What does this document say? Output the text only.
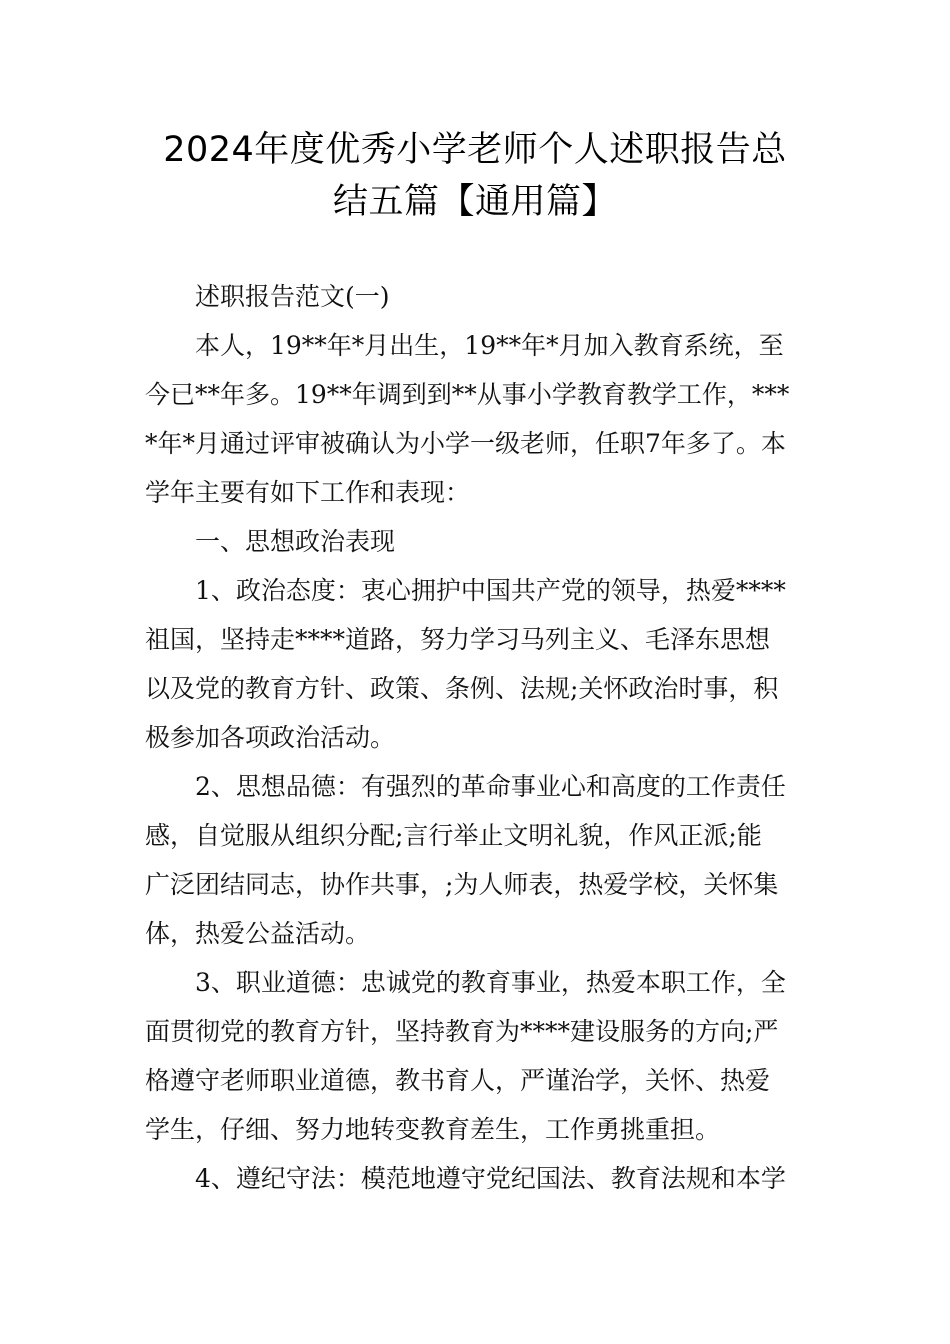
2024年度优秀小学老师个人述职报告总
结五篇【通用篇】

述职报告范文(一)

本人，19**年*月出生，19**年*月加入教育系统，至
今已**年多。19**年调到到**从事小学教育教学工作，***
*年*月通过评审被确认为小学一级老师，任职7年多了。本
学年主要有如下工作和表现：

一、思想政治表现

1、政治态度：衷心拥护中国共产党的领导，热爱****
祖国，坚持走****道路，努力学习马列主义、毛泽东思想
以及党的教育方针、政策、条例、法规;关怀政治时事，积
极参加各项政治活动。

2、思想品德：有强烈的革命事业心和高度的工作责任
感，自觉服从组织分配;言行举止文明礼貌，作风正派;能
广泛团结同志，协作共事，;为人师表，热爱学校，关怀集
体，热爱公益活动。

3、职业道德：忠诚党的教育事业，热爱本职工作，全
面贯彻党的教育方针，坚持教育为****建设服务的方向;严
格遵守老师职业道德，教书育人，严谨治学，关怀、热爱
学生，仔细、努力地转变教育差生，工作勇挑重担。

4、遵纪守法：模范地遵守党纪国法、教育法规和本学
